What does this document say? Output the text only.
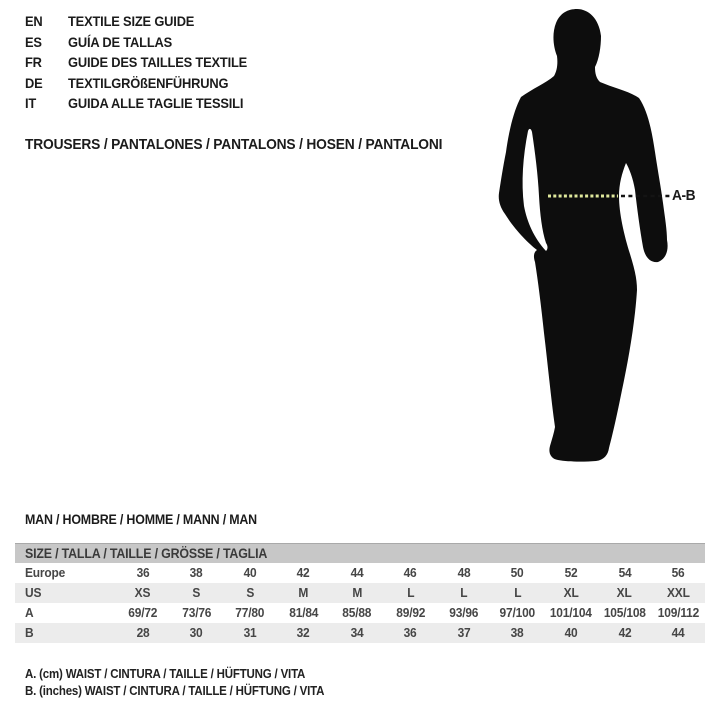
EN TEXTILE SIZE GUIDE
ES GUÍA DE TALLAS
FR GUIDE DES TAILLES TEXTILE
DE TEXTILGRÖßENFÜHRUNG
IT GUIDA ALLE TAGLIE TESSILI
TROUSERS / PANTALONES / PANTALONS / HOSEN / PANTALONI
A-B
MAN / HOMBRE / HOMME / MANN / MAN
SIZE / TALLA / TAILLE / GRÖSSE / TAGLIA											
Europe	36	38	40	42	44	46	48	50	52	54	56
US	XS	S	S	M	M	L	L	L	XL	XL	XXL
A	69/72	73/76	77/80	81/84	85/88	89/92	93/96	97/100	101/104	105/108	109/112
B	28	30	31	32	34	36	37	38	40	42	44
A. (cm) WAIST / CINTURA / TAILLE / HÜFTUNG / VITA
B. (inches) WAIST / CINTURA / TAILLE / HÜFTUNG / VITA
